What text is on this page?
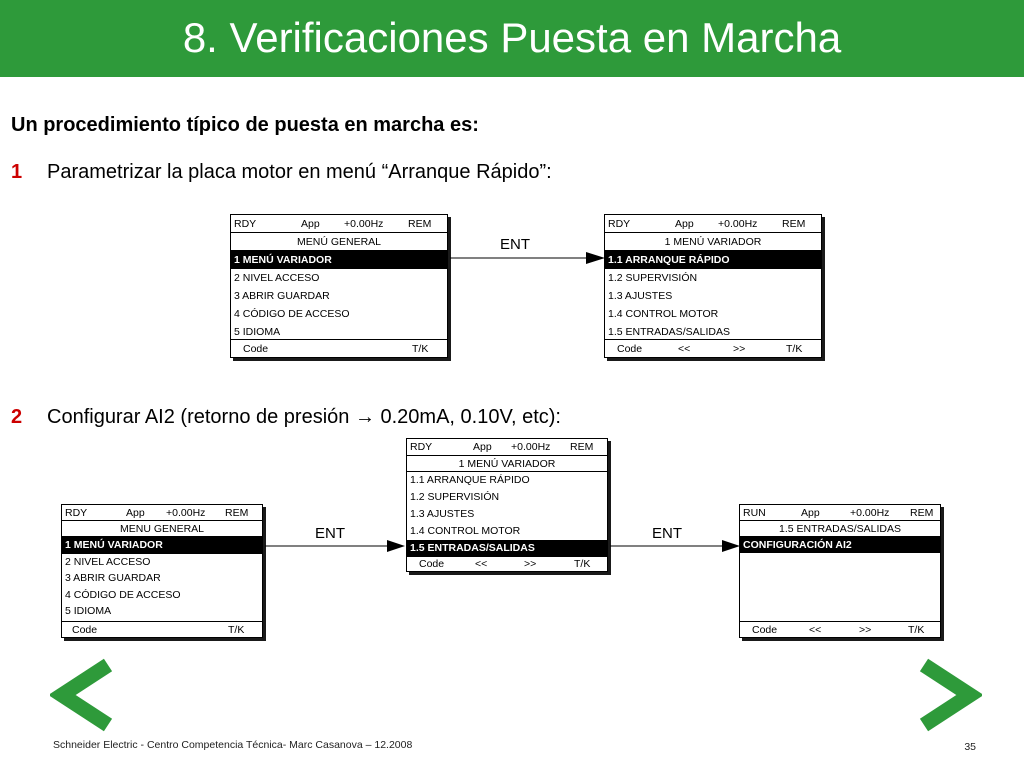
8. Verificaciones Puesta en Marcha
Un procedimiento típico de puesta en marcha es:
1 Parametrizar la placa motor en menú “Arranque Rápido”:
RDY	App +0.00Hz REM
MENÚ GENERAL
1 MENÚ VARIADOR
2 NIVEL ACCESO
3 ABRIR GUARDAR
4 CÓDIGO DE ACCESO
5 IDIOMA
Code	T/K
ENT
RDY	App +0.00Hz REM
1 MENÚ VARIADOR
1.1 ARRANQUE RÁPIDO
1.2 SUPERVISIÓN
1.3 AJUSTES
1.4 CONTROL MOTOR
1.5 ENTRADAS/SALIDAS
Code	<<	>>	T/K
2 Configurar AI2 (retorno de presión → 0.20mA, 0.10V, etc):
RDY	App +0.00Hz REM
MENU GENERAL
1 MENÚ VARIADOR
2 NIVEL ACCESO
3 ABRIR GUARDAR
4 CÓDIGO DE ACCESO
5 IDIOMA
Code	T/K
ENT
RDY	App +0.00Hz REM
1 MENÚ VARIADOR
1.1 ARRANQUE RÁPIDO
1.2 SUPERVISIÓN
1.3 AJUSTES
1.4 CONTROL MOTOR
1.5 ENTRADAS/SALIDAS
Code	<<	>>	T/K
ENT
RUN	App	+0.00Hz REM
1.5 ENTRADAS/SALIDAS
CONFIGURACIÓN AI2
Code	<<	>>	T/K
Schneider Electric - Centro Competencia Técnica- Marc Casanova – 12.2008	35
